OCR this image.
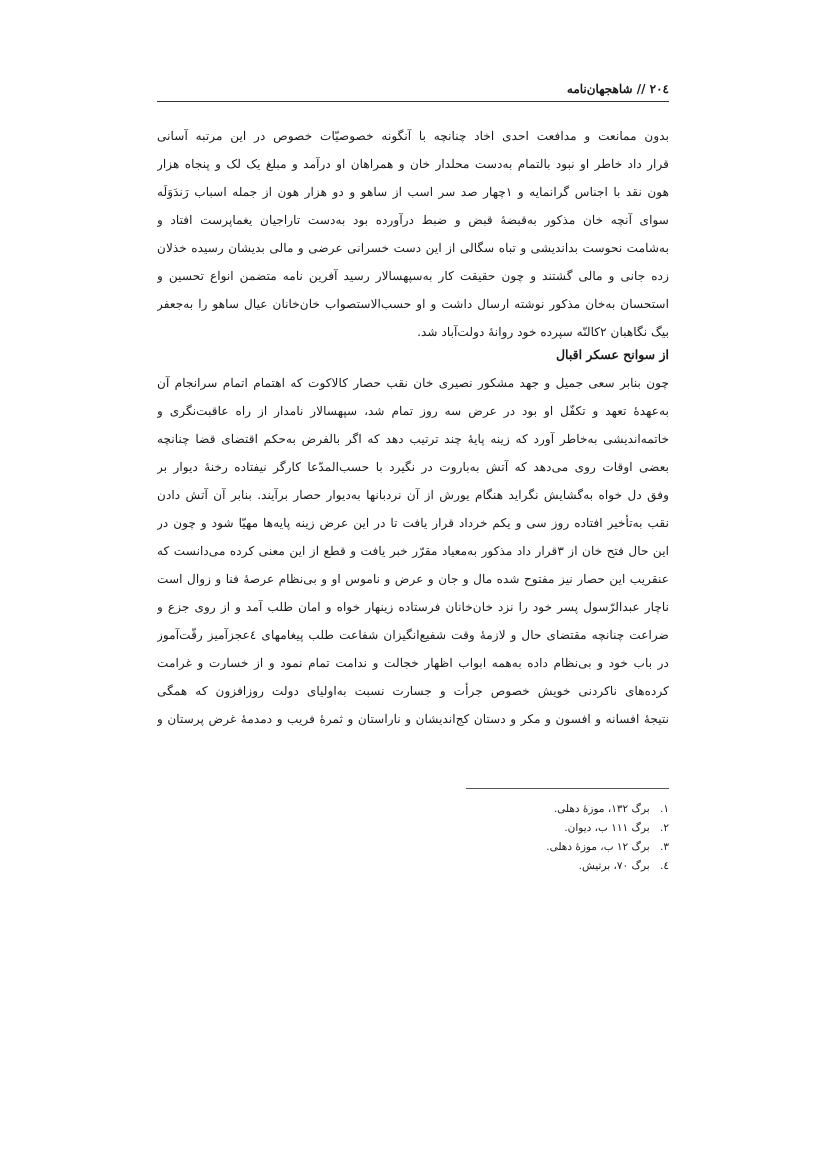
۲۰٤ // شاهجهان‌نامه
بدون ممانعت و مدافعت احدی اخاد چنانچه با آنگونه خصوصیّات خصوص در این مرتبه آسانی
قرار داد خاطر او نبود بالتمام به‌دست محلدار خان و همراهان او درآمد و مبلغ یک لک و پنجاه هزار
هون نقد با اجناس گرانمایه و ۱چهار صد سر اسب از ساهو و دو هزار هون از جمله اسباب رَندَوَلَه
سوای آنچه خان مذکور به‌قبضهٔ قبض و ضبط درآورده بود به‌دست تاراجیان یغماپرست افتاد و
به‌شامت نحوست بداندیشی و تباه سگالی از این دست خسرانی عرضی و مالی بدیشان رسیده خذلان
زده جانی و مالی گشتند و چون حقیقت کار به‌سپهسالار رسید آفرین نامه متضمن انواع تحسین و
استحسان به‌خان مذکور نوشته ارسال داشت و او حسب‌الاستصواب خان‌خانان عیال ساهو را به‌جعفر
بیگ نگاهبان ۲کالنّه سپرده خود روانهٔ دولت‌آباد شد.
از سوانح عسکر اقبال
چون بنابر سعی جمیل و جهد مشکور نصیری خان نقب حصار کالاکوت که اهتمام اتمام سرانجام آن
به‌عهدهٔ تعهد و تکفّل او بود در عرض سه روز تمام شد، سپهسالار نامدار از راه عاقبت‌نگری و
خاتمه‌اندیشی به‌خاطر آورد که زینه پایهٔ چند ترتیب دهد که اگر بالفرض به‌حکم اقتضای قضا چنانچه
بعضی اوقات روی می‌دهد که آتش به‌باروت در نگیرد با حسب‌المدّعا کارگر نیفتاده رخنهٔ دیوار بر
وفق دل خواه به‌گشایش نگراید هنگام یورش از آن نردبانها به‌دیوار حصار برآیند. بنابر آن آتش دادن
نقب به‌تأخیر افتاده روز سی و یکم خرداد قرار یافت تا در این عرض زینه پایه‌ها مهیّا شود و چون در
این حال فتح خان از ۳قرار داد مذکور به‌معیاد مقرّر خبر یافت و قطع از این معنی کرده می‌دانست که
عنقریب این حصار نیز مفتوح شده مال و جان و عرض و ناموس او و بی‌نظام عرصهٔ فنا و زوال است
ناچار عبدالرّسول پسر خود را نزد خان‌خانان فرستاده زینهار خواه و امان طلب آمد و از روی جزع و
ضراعت چنانچه مقتضای حال و لازمهٔ وقت شفیع‌انگیزان شفاعت طلب پیغامهای ٤عجزآمیز رقّت‌آموز
در باب خود و بی‌نظام داده به‌همه ابواب اظهار خجالت و ندامت تمام نمود و از خسارت و غرامت
کرده‌های ناکردنی خویش خصوص جرأت و جسارت نسبت به‌اولیای دولت روزافزون که همگی
نتیجهٔ افسانه و افسون و مکر و دستان کج‌اندیشان و ناراستان و ثمرهٔ فریب و دمدمهٔ غرض پرستان و
۱. برگ ۱۳۲، موزهٔ دهلی.
۲. برگ ۱۱۱ ب، دیوان.
۳. برگ ۱۲ ب، موزهٔ دهلی.
٤. برگ ۷۰، برتیش.
